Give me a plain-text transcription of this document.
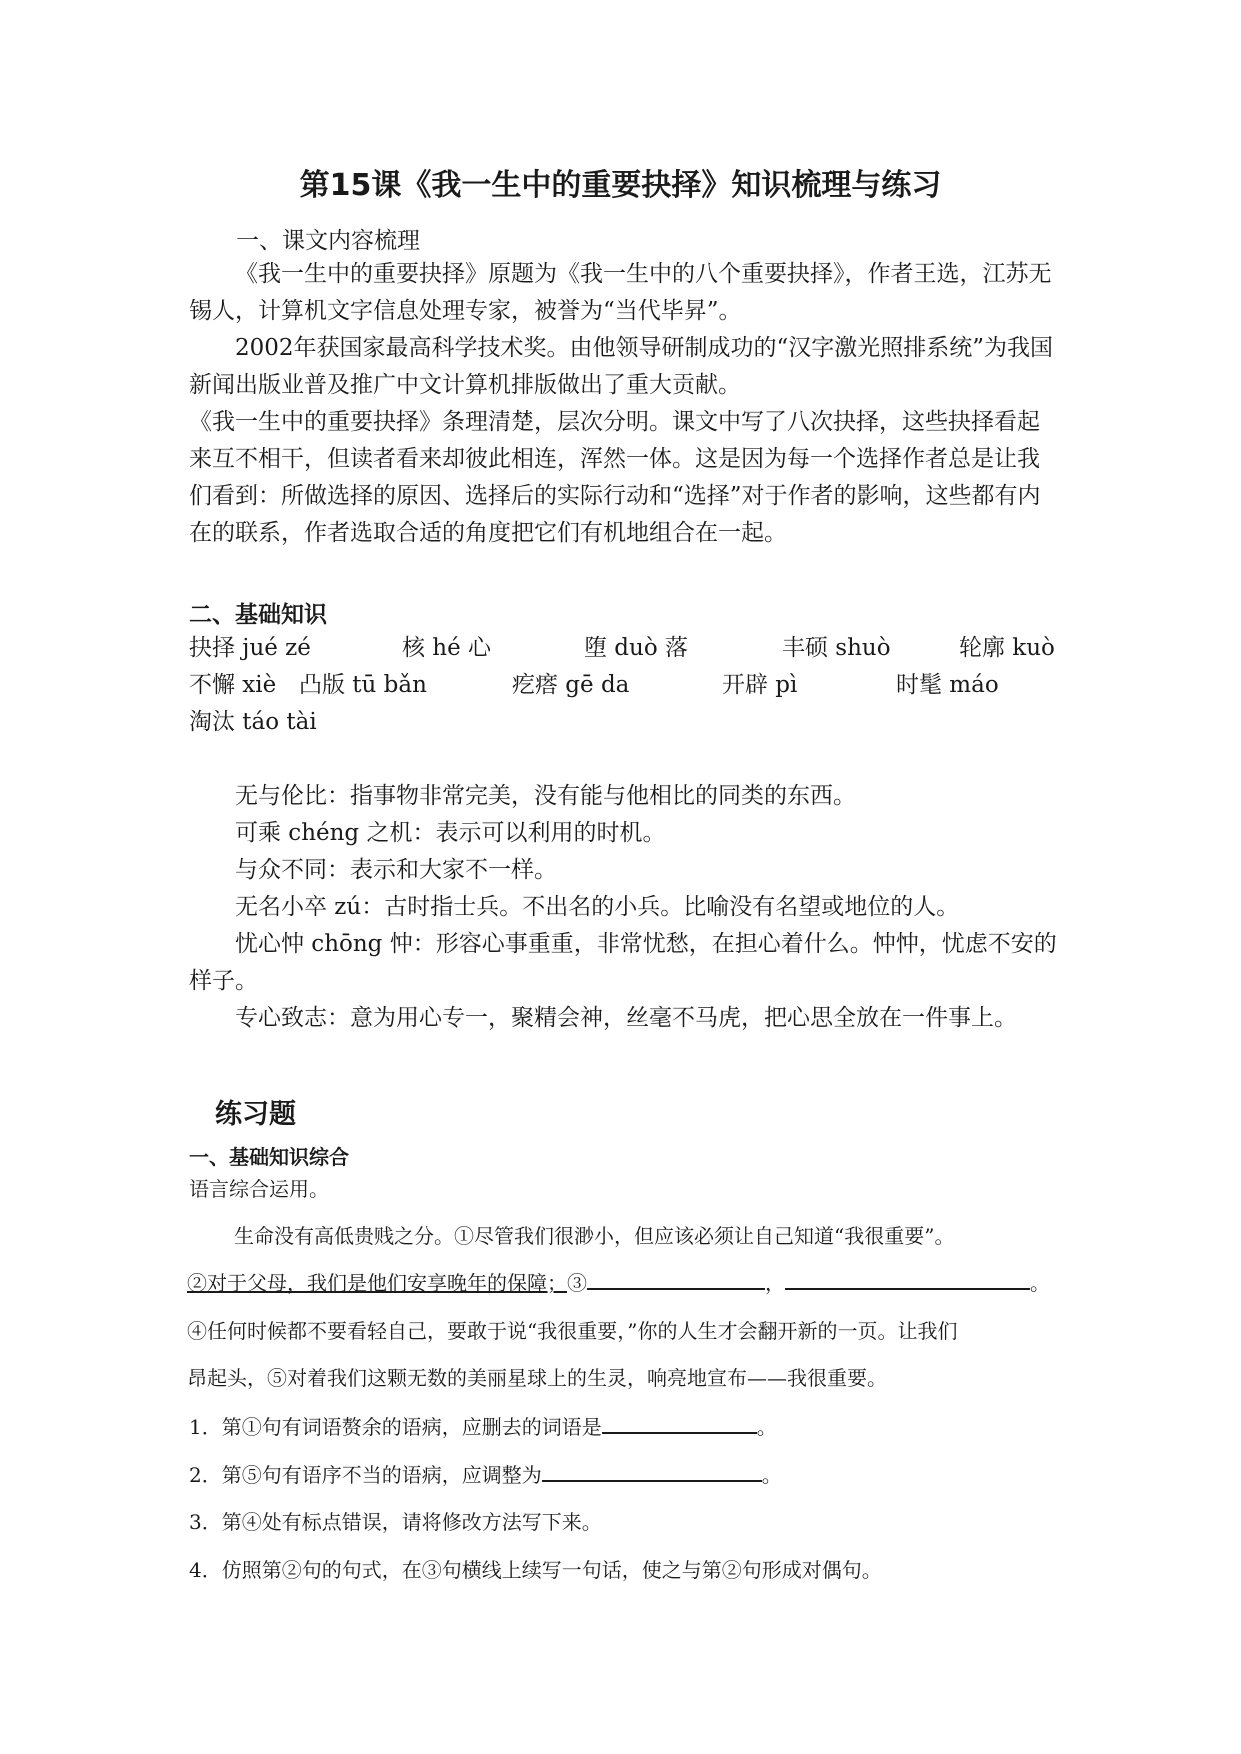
第15课《我一生中的重要抉择》知识梳理与练习
一、课文内容梳理
《我一生中的重要抉择》原题为《我一生中的八个重要抉择》，作者王选，江苏无锡人，计算机文字信息处理专家，被誉为“当代毕昇”。
2002年获国家最高科学技术奖。由他领导研制成功的“汉字激光照排系统”为我国新闻出版业普及推广中文计算机排版做出了重大贡献。
《我一生中的重要抉择》条理清楚，层次分明。课文中写了八次抉择，这些抉择看起来互不相干，但读者看来却彼此相连，浑然一体。这是因为每一个选择作者总是让我们看到：所做选择的原因、选择后的实际行动和“选择”对于作者的影响，这些都有内在的联系，作者选取合适的角度把它们有机地组合在一起。
二、基础知识
抉择 jué zé	核 hé 心	堕 duò 落	丰硕 shuò	轮廓 kuò
不懈 xiè 凸版 tū bǎn	疙瘩 gē da	开辟 pì	时髦 máo
淘汰 táo tài
无与伦比：指事物非常完美，没有能与他相比的同类的东西。
可乘 chéng 之机：表示可以利用的时机。
与众不同：表示和大家不一样。
无名小卒 zú：古时指士兵。不出名的小兵。比喻没有名望或地位的人。
忧心忡 chōng 忡：形容心事重重，非常忧愁，在担心着什么。忡忡，忧虑不安的样子。
专心致志：意为用心专一，聚精会神，丝毫不马虎，把心思全放在一件事上。
练习题
一、基础知识综合
语言综合运用。
生命没有高低贵贱之分。①尽管我们很渺小，但应该必须让自己知道“我很重要”。
②对于父母，我们是他们安享晚年的保障；③	，	。
④任何时候都不要看轻自己，要敢于说“我很重要，”你的人生才会翻开新的一页。让我们
昂起头，⑤对着我们这颗无数的美丽星球上的生灵，响亮地宣布——我很重要。
1．第①句有词语赘余的语病，应删去的词语是	。
2．第⑤句有语序不当的语病，应调整为	。
3．第④处有标点错误，请将修改方法写下来。
4．仿照第②句的句式，在③句横线上续写一句话，使之与第②句形成对偶句。
